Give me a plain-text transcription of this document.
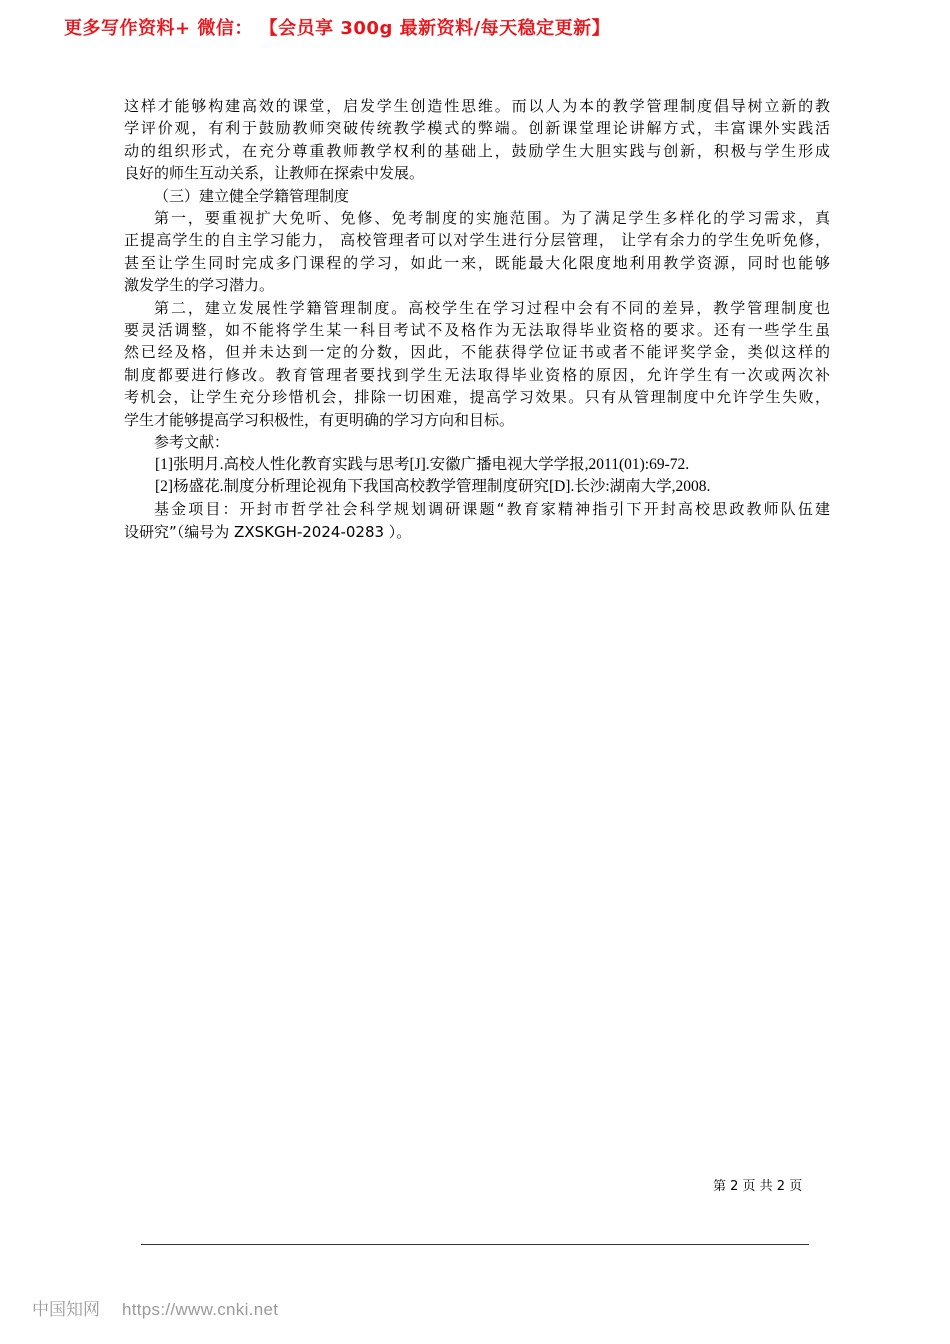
更多写作资料+ 微信： 【会员享 300g 最新资料/每天稳定更新】

这样才能够构建高效的课堂，启发学生创造性思维。而以人为本的教学管理制度倡导树立新的教
学评价观，有利于鼓励教师突破传统教学模式的弊端。创新课堂理论讲解方式，丰富课外实践活
动的组织形式，在充分尊重教师教学权利的基础上，鼓励学生大胆实践与创新，积极与学生形成
良好的师生互动关系，让教师在探索中发展。

（三）建立健全学籍管理制度

第一，要重视扩大免听、免修、免考制度的实施范围。为了满足学生多样化的学习需求，真
正提高学生的自主学习能力， 高校管理者可以对学生进行分层管理， 让学有余力的学生免听免修，
甚至让学生同时完成多门课程的学习，如此一来，既能最大化限度地利用教学资源，同时也能够
激发学生的学习潜力。

第二，建立发展性学籍管理制度。高校学生在学习过程中会有不同的差异，教学管理制度也
要灵活调整，如不能将学生某一科目考试不及格作为无法取得毕业资格的要求。还有一些学生虽
然已经及格，但并未达到一定的分数，因此，不能获得学位证书或者不能评奖学金，类似这样的
制度都要进行修改。教育管理者要找到学生无法取得毕业资格的原因，允许学生有一次或两次补
考机会，让学生充分珍惜机会，排除一切困难，提高学习效果。只有从管理制度中允许学生失败，
学生才能够提高学习积极性，有更明确的学习方向和目标。

参考文献：

[1]张明月.高校人性化教育实践与思考[J].安徽广播电视大学学报,2011(01):69-72.

[2]杨盛花.制度分析理论视角下我国高校教学管理制度研究[D].长沙:湖南大学,2008.

基金项目：开封市哲学社会科学规划调研课题“教育家精神指引下开封高校思政教师队伍建
设研究”（编号为 ZXSKGH-2024-0283 ）。

第 2 页 共 2 页
中国知网 https://www.cnki.net
